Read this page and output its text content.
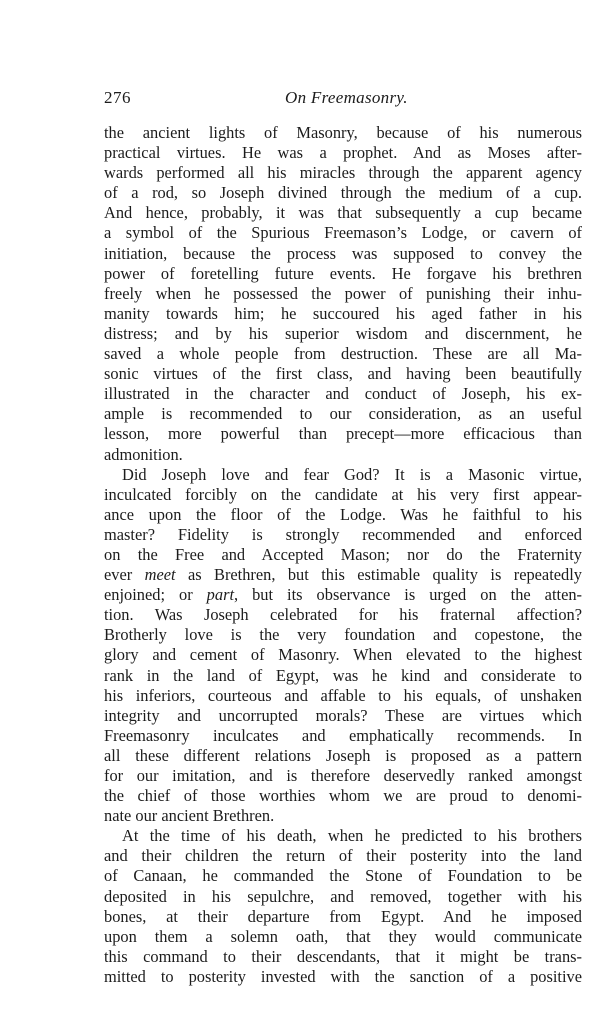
276	On Freemasonry.
the ancient lights of Masonry, because of his numerous
practical virtues. He was a prophet. And as Moses after-
wards performed all his miracles through the apparent agency
of a rod, so Joseph divined through the medium of a cup.
And hence, probably, it was that subsequently a cup became
a symbol of the Spurious Freemason’s Lodge, or cavern of
initiation, because the process was supposed to convey the
power of foretelling future events. He forgave his brethren
freely when he possessed the power of punishing their inhu-
manity towards him; he succoured his aged father in his
distress; and by his superior wisdom and discernment, he
saved a whole people from destruction. These are all Ma-
sonic virtues of the first class, and having been beautifully
illustrated in the character and conduct of Joseph, his ex-
ample is recommended to our consideration, as an useful
lesson, more powerful than precept—more efficacious than
admonition.
Did Joseph love and fear God? It is a Masonic virtue,
inculcated forcibly on the candidate at his very first appear-
ance upon the floor of the Lodge. Was he faithful to his
master? Fidelity is strongly recommended and enforced
on the Free and Accepted Mason; nor do the Fraternity
ever meet as Brethren, but this estimable quality is repeatedly
enjoined; or part, but its observance is urged on the atten-
tion. Was Joseph celebrated for his fraternal affection?
Brotherly love is the very foundation and copestone, the
glory and cement of Masonry. When elevated to the highest
rank in the land of Egypt, was he kind and considerate to
his inferiors, courteous and affable to his equals, of unshaken
integrity and uncorrupted morals? These are virtues which
Freemasonry inculcates and emphatically recommends. In
all these different relations Joseph is proposed as a pattern
for our imitation, and is therefore deservedly ranked amongst
the chief of those worthies whom we are proud to denomi-
nate our ancient Brethren.
At the time of his death, when he predicted to his brothers
and their children the return of their posterity into the land
of Canaan, he commanded the Stone of Foundation to be
deposited in his sepulchre, and removed, together with his
bones, at their departure from Egypt. And he imposed
upon them a solemn oath, that they would communicate
this command to their descendants, that it might be trans-
mitted to posterity invested with the sanction of a positive
